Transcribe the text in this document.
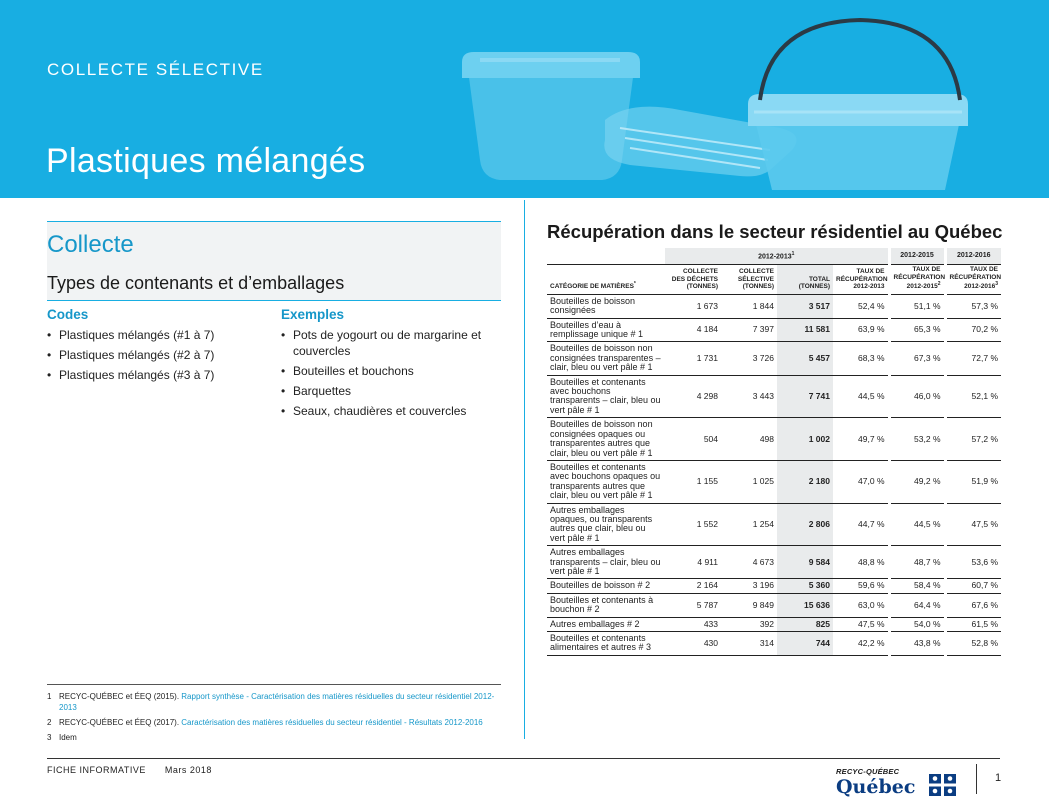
COLLECTE SÉLECTIVE
Plastiques mélangés
Collecte
Types de contenants et d’emballages
Codes
• Plastiques mélangés (#1 à 7)
• Plastiques mélangés (#2 à 7)
• Plastiques mélangés (#3 à 7)
Exemples
• Pots de yogourt ou de margarine et couvercles
• Bouteilles et bouchons
• Barquettes
• Seaux, chaudières et couvercles
1 RECYC-QUÉBEC et ÉEQ (2015). Rapport synthèse - Caractérisation des matières résiduelles du secteur résidentiel 2012-2013
2 RECYC-QUÉBEC et ÉEQ (2017). Caractérisation des matières résiduelles du secteur résidentiel - Résultats 2012-2016
3 Idem
Récupération dans le secteur résidentiel au Québec
	2012-2013$^1$				2012-2015	2012-2016
CATÉGORIE DE MATIÈRES*	COLLECTE DES DÉCHETS (TONNES)	COLLECTE SÉLECTIVE (TONNES)	TOTAL (TONNES)	TAUX DE RÉCUPÉRATION 2012-2013	TAUX DE RÉCUPÉRATION 2012-2015$^2$	TAUX DE RÉCUPÉRATION 2012-2016$^3$
Bouteilles de boisson consignées	1 673	1 844	3 517	52,4 %	51,1 %	57,3 %
Bouteilles d’eau à remplissage unique # 1	4 184	7 397	11 581	63,9 %	65,3 %	70,2 %
Bouteilles de boisson non consignées transparentes – clair, bleu ou vert pâle # 1	1 731	3 726	5 457	68,3 %	67,3 %	72,7 %
Bouteilles et contenants avec bouchons transparents – clair, bleu ou vert pâle # 1	4 298	3 443	7 741	44,5 %	46,0 %	52,1 %
Bouteilles de boisson non consignées opaques ou transparentes autres que clair, bleu ou vert pâle # 1	504	498	1 002	49,7 %	53,2 %	57,2 %
Bouteilles et contenants avec bouchons opaques ou transparents autres que clair, bleu ou vert pâle # 1	1 155	1 025	2 180	47,0 %	49,2 %	51,9 %
Autres emballages opaques, ou transparents autres que clair, bleu ou vert pâle # 1	1 552	1 254	2 806	44,7 %	44,5 %	47,5 %
Autres emballages transparents – clair, bleu ou vert pâle # 1	4 911	4 673	9 584	48,8 %	48,7 %	53,6 %
Bouteilles de boisson # 2	2 164	3 196	5 360	59,6 %	58,4 %	60,7 %
Bouteilles et contenants à bouchon # 2	5 787	9 849	15 636	63,0 %	64,4 %	67,6 %
Autres emballages # 2	433	392	825	47,5 %	54,0 %	61,5 %
Bouteilles et contenants alimentaires et autres # 3	430	314	744	42,2 %	43,8 %	52,8 %
FICHE INFORMATIVE Mars 2018	RECYC-QUÉBEC
Québec	1
